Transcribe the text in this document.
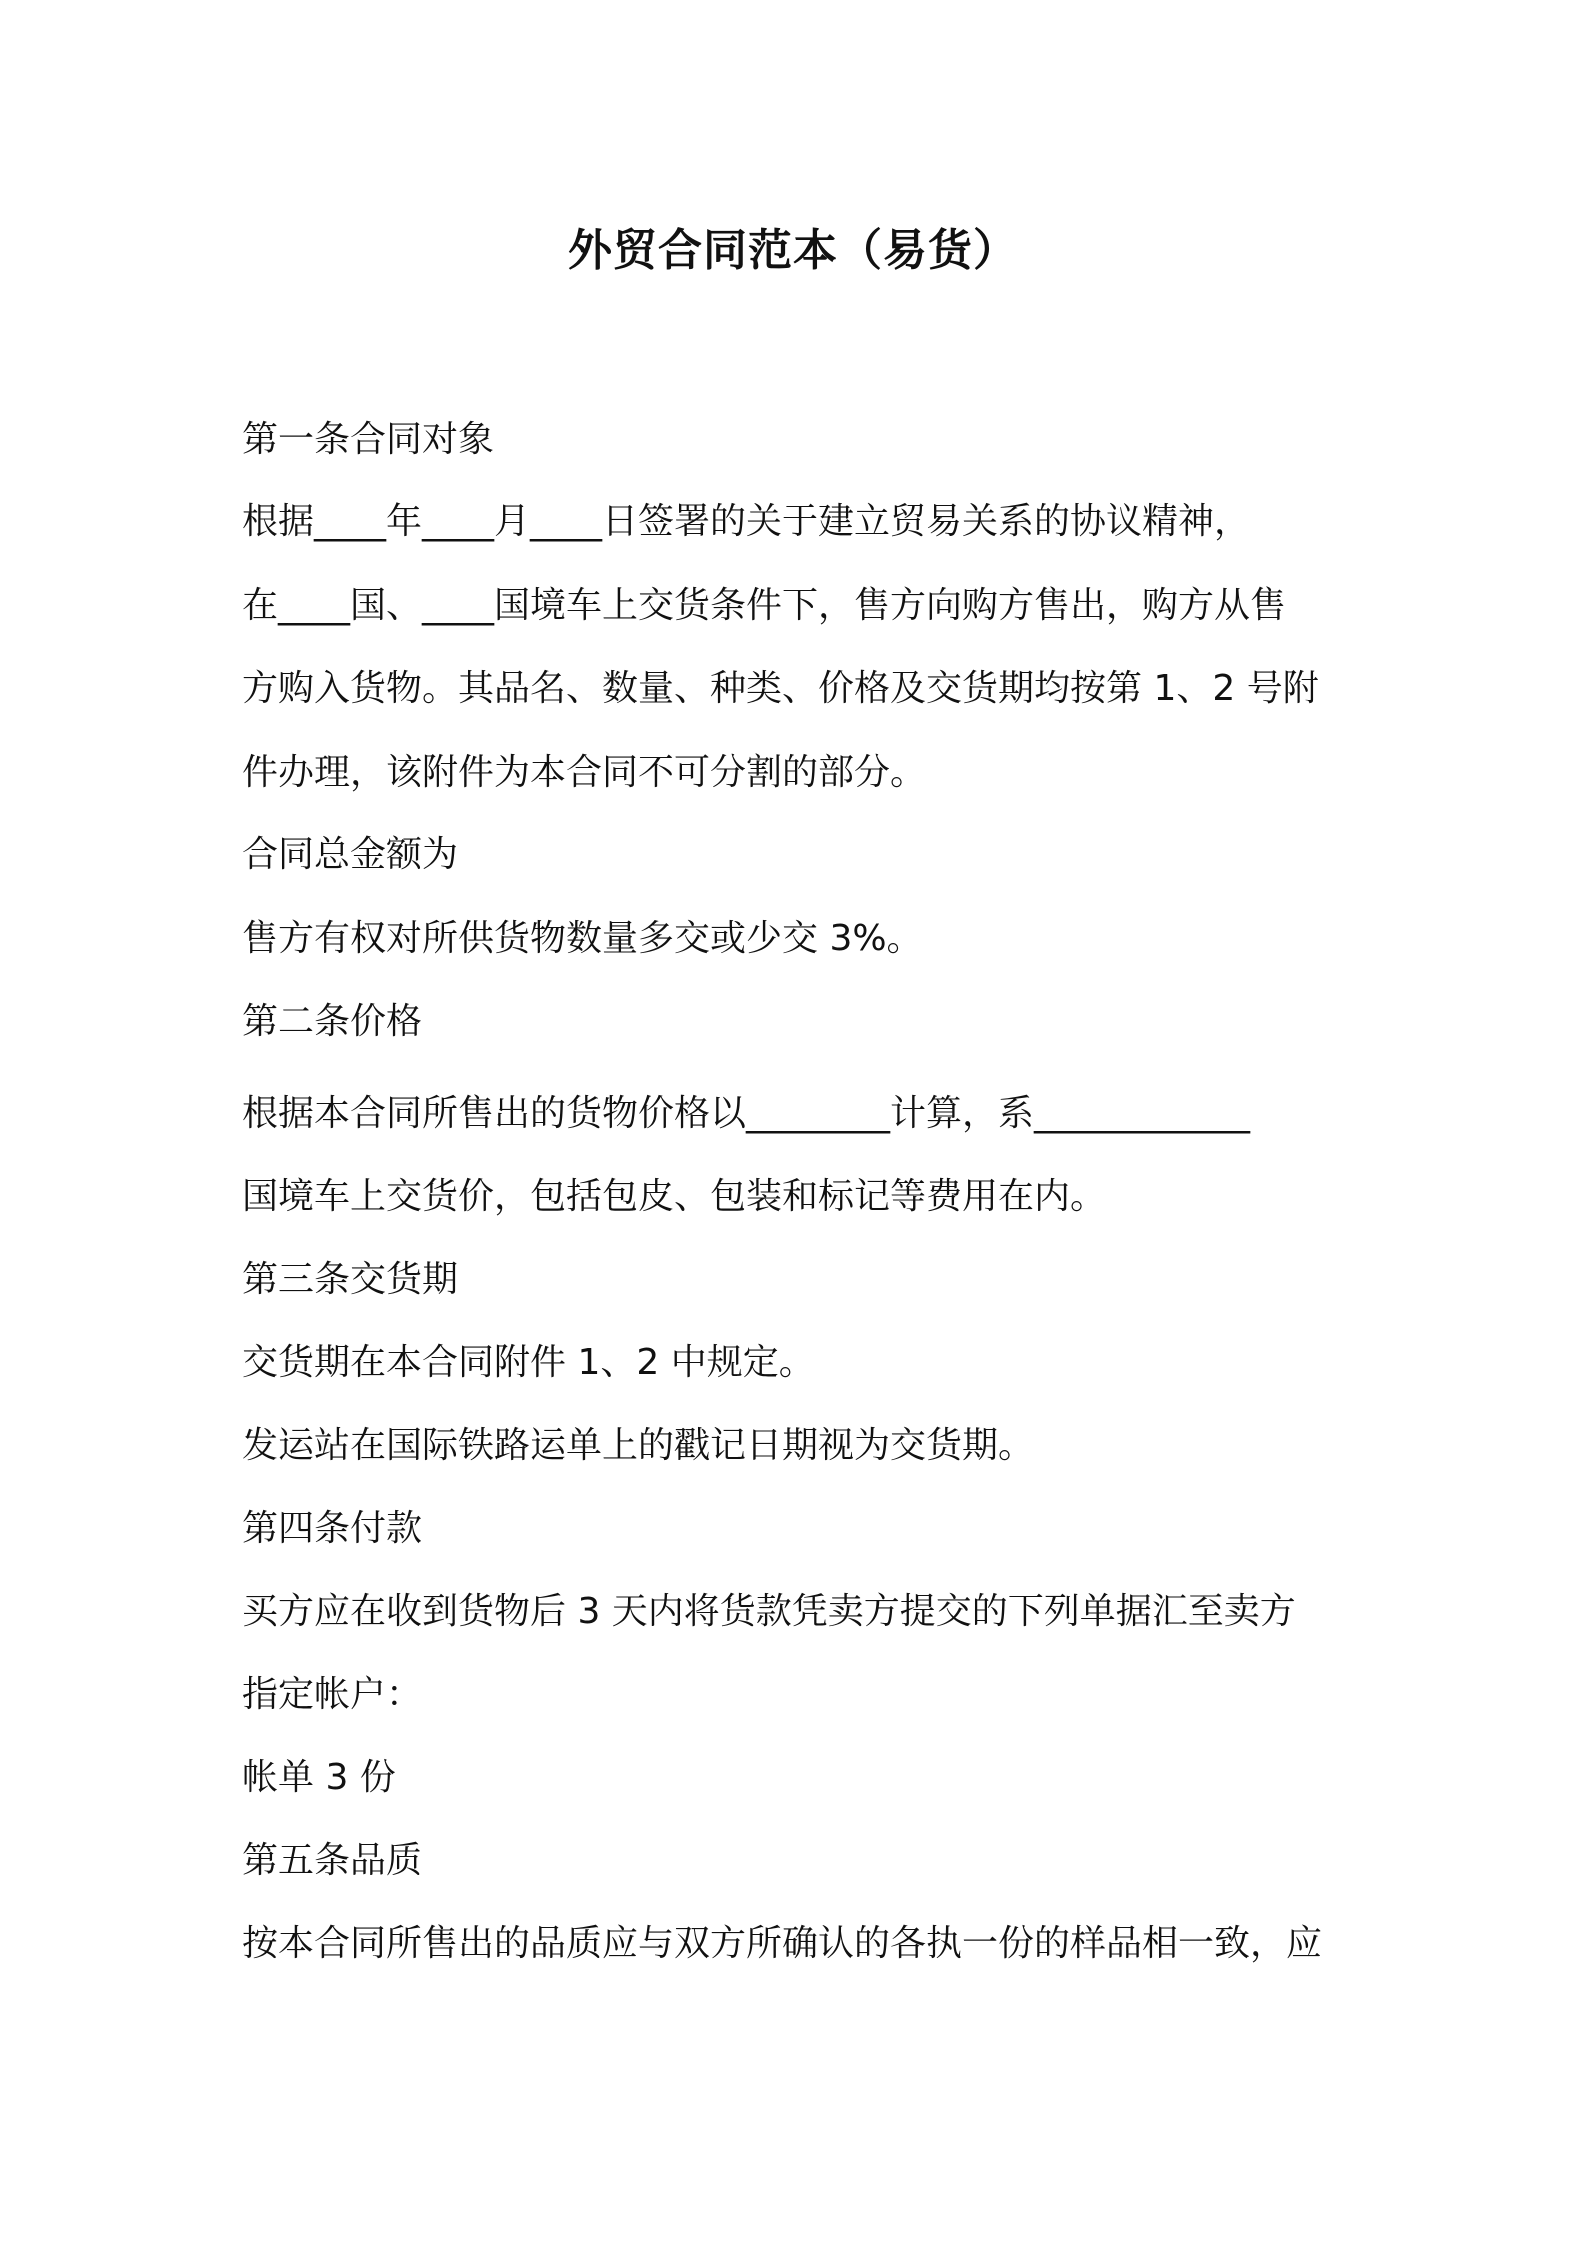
外贸合同范本（易货）
第一条合同对象
根据____年____月____日签署的关于建立贸易关系的协议精神，
在____国、____国境车上交货条件下，售方向购方售出，购方从售
方购入货物。其品名、数量、种类、价格及交货期均按第 1、2 号附
件办理，该附件为本合同不可分割的部分。
合同总金额为
售方有权对所供货物数量多交或少交 3%。
第二条价格
根据本合同所售出的货物价格以________计算，系____________
国境车上交货价，包括包皮、包装和标记等费用在内。
第三条交货期
交货期在本合同附件 1、2 中规定。
发运站在国际铁路运单上的戳记日期视为交货期。
第四条付款
买方应在收到货物后 3 天内将货款凭卖方提交的下列单据汇至卖方
指定帐户：
帐单 3 份
第五条品质
按本合同所售出的品质应与双方所确认的各执一份的样品相一致，应
